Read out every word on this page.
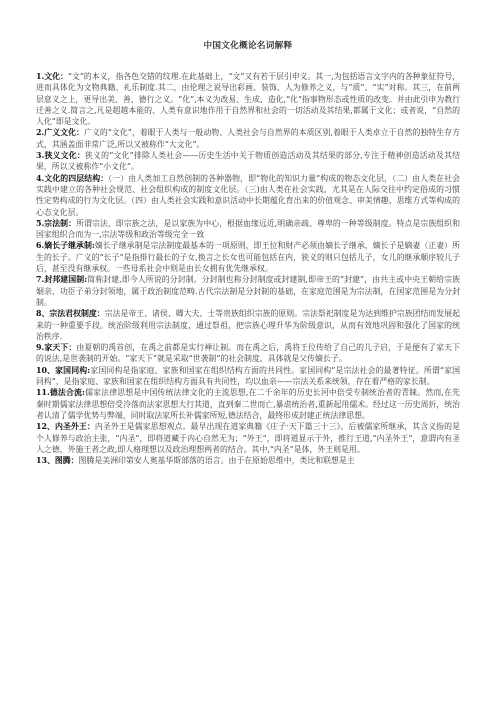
中国文化概论名词解释

1.文化：“文”的本义，指各色交错的纹理.在此基础上，“文”又有若干层引申义。其一,为包括语言文字内的各种象征符号，进而具体化为文物典籍、礼乐制度.其二，由伦理之说导出彩画、装饰、人为修养之义，与“质”、“实”对称。其三，在前两层意义之上，更导出美、善、德行之义。“化”,本义为改易、生成、造化,“化”指事物形态或性质的改变。并由此引申为教行迁善之义.简言之,凡是超越本能的、人类有意识地作用于自然界和社会的一切活动及其结果,都属于文化；或者说，“自然的人化”即是文化。

2.广义文化：广义的“文化”，着眼于人类与一般动物、人类社会与自然界的本质区别,着眼于人类卓立于自然的独特生存方式，其涵盖面非常广泛,所以又被称作“大文化”。

3.狭义文化：狭义的“文化”排除人类社会——历史生活中关于物质创造活动及其结果的部分,专注于精神创造活动及其结果，所以又被称作“小文化”。

4.文化的四层结构：（一）由人类加工自然创制的各种器物，即“物化的知识力量”构成的物态文化层，（二）由人类在社会实践中建立的各种社会规范、社会组织构成的制度文化层。（三)由人类在社会实践，尤其是在人际交往中约定俗成的习惯性定势构成的行为文化层。（四）由人类社会实践和意识活动中长期蕴化育出来的价值观念、审美情趣、思维方式等构成的心态文化层。

5.宗法制：所谓宗法，即宗族之法，是以家族为中心，根据血缘远近,明确亲疏、尊卑的一种等级制度。特点是宗族组织和国家组织合而为一,宗法等级和政治等级完全一致

6.嫡长子继承制:嫡长子继承制是宗法制度最基本的一项原则，即王位和财产必须由嫡长子继承，嫡长子是嫡妻（正妻）所生的长子。广义的“长子”是指排行最长的子女,换言之长女也可能包括在内，狭义的则只包括儿子，女儿的继承顺序较儿子后，甚至没有继承权。一些母系社会中则是由长女拥有优先继承权。

7.封邦建国制:简称封建,即今人所说的分封制。分封制也称分封制度或封建制,即帝王的“封建”，由共主或中央王朝给宗族姻亲、功臣子弟分封领地，属于政治制度范畴.古代宗法制是分封制的基础，在家庭范围是为宗法制，在国家范围是为分封制。

8、宗法君权制度：宗法是帝王、诸侯、卿大夫、士等贵族组织宗族的原则。宗法祭祀制度是为达到维护宗族团结而发展起来的一种重要手段。统治阶级利用宗法制度，通过祭祖，把宗族心理升华为阶级意识，从而有效地巩固和强化了国家的统治秩序.

9.家天下：由夏朝的禹首创，在禹之前都是实行禅让制。而在禹之后，禹将王位传给了自己的儿子启，于是便有了家天下的说法,是世袭制的开始。“家天下”就是采取“世袭制”的社会制度，具体就是父传嫡长子。

10、家国同构:家国同构是指家庭、家族和国家在组织结构方面的共同性。家国同构”是宗法社会的最著特征。所谓“家国同构”，是指家庭、家族和国家在组织结构方面具有共同性，均以血亲——宗法关系来统领，存在着严格的家长制。

11.德法合流:儒家法律思想是中国传统法律文化的主流思想,在二千余年的历史长河中倍受专制统治者的青睐。然而,在先秦时期儒家法律思想倍受冷落而法家思想大行其道，直到秦二世而亡,暴虐统治者,重新起用儒术。经过这一历史周折，统治者认清了儒学优势与弊端，同时取法家所长补儒家所短,德法结合，最终形成封建正统法律思想。

12、内圣外王：内圣外王是儒家思想观点。最早出现在道家典籍《庄子·天下篇三十三》。后被儒家所继承，其含义指的是个人修养与政治主张，“内圣”，即将道藏于内心自然无为；“外王”，即将道显示于外，推行王道,“内圣外王”，意谓内有圣人之德，外施王者之政,即人格理想以及政治理想两者的结合。其中,“内圣”是体，外王则是用。

13、图腾：图腾是美洲印第安人奥基华斯部落的语言。由于在原始思维中，类比和联想是主
